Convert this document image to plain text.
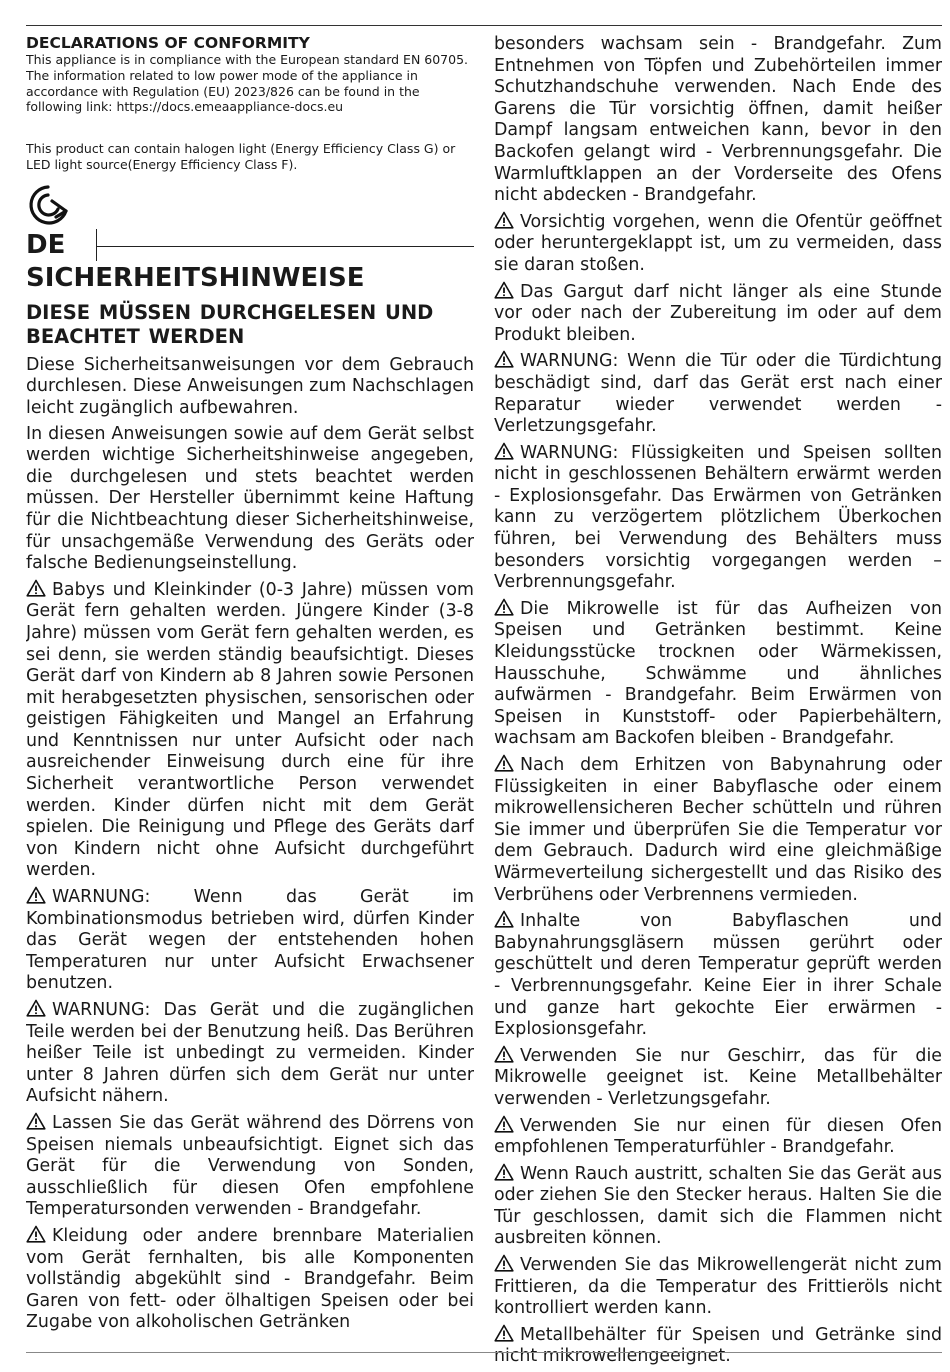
DECLARATIONS OF CONFORMITY

This appliance is in compliance with the European standard EN 60705.

The information related to low power mode of the appliance in accordance with Regulation (EU) 2023/826 can be found in the following link: https://docs.emeaappliance-docs.eu

This product can contain halogen light (Energy Efficiency Class G) or LED light source(Energy Efficiency Class F).

DE

SICHERHEITSHINWEISE

DIESE MÜSSEN DURCHGELESEN UND BEACHTET WERDEN

Diese Sicherheitsanweisungen vor dem Gebrauch durchlesen. Diese Anweisungen zum Nachschlagen leicht zugänglich aufbewahren.

In diesen Anweisungen sowie auf dem Gerät selbst werden wichtige Sicherheitshinweise angegeben, die durchgelesen und stets beachtet werden müssen. Der Hersteller übernimmt keine Haftung für die Nichtbeachtung dieser Sicherheitshinweise, für unsachgemäße Verwendung des Geräts oder falsche Bedienungseinstellung.

Babys und Kleinkinder (0-3 Jahre) müssen vom Gerät fern gehalten werden. Jüngere Kinder (3-8 Jahre) müssen vom Gerät fern gehalten werden, es sei denn, sie werden ständig beaufsichtigt. Dieses Gerät darf von Kindern ab 8 Jahren sowie Personen mit herabgesetzten physischen, sensorischen oder geistigen Fähigkeiten und Mangel an Erfahrung und Kenntnissen nur unter Aufsicht oder nach ausreichender Einweisung durch eine für ihre Sicherheit verantwortliche Person verwendet werden. Kinder dürfen nicht mit dem Gerät spielen. Die Reinigung und Pflege des Geräts darf von Kindern nicht ohne Aufsicht durchgeführt werden.

WARNUNG: Wenn das Gerät im Kombinationsmodus betrieben wird, dürfen Kinder das Gerät wegen der entstehenden hohen Temperaturen nur unter Aufsicht Erwachsener benutzen.

WARNUNG: Das Gerät und die zugänglichen Teile werden bei der Benutzung heiß. Das Berühren heißer Teile ist unbedingt zu vermeiden. Kinder unter 8 Jahren dürfen sich dem Gerät nur unter Aufsicht nähern.

Lassen Sie das Gerät während des Dörrens von Speisen niemals unbeaufsichtigt. Eignet sich das Gerät für die Verwendung von Sonden, ausschließlich für diesen Ofen empfohlene Temperatursonden verwenden - Brandgefahr.

Kleidung oder andere brennbare Materialien vom Gerät fernhalten, bis alle Komponenten vollständig abgekühlt sind - Brandgefahr. Beim Garen von fett- oder ölhaltigen Speisen oder bei Zugabe von alkoholischen Getränken

besonders wachsam sein - Brandgefahr. Zum Entnehmen von Töpfen und Zubehörteilen immer Schutzhandschuhe verwenden. Nach Ende des Garens die Tür vorsichtig öffnen, damit heißer Dampf langsam entweichen kann, bevor in den Backofen gelangt wird - Verbrennungsgefahr. Die Warmluftklappen an der Vorderseite des Ofens nicht abdecken - Brandgefahr.

Vorsichtig vorgehen, wenn die Ofentür geöffnet oder heruntergeklappt ist, um zu vermeiden, dass sie daran stoßen.

Das Gargut darf nicht länger als eine Stunde vor oder nach der Zubereitung im oder auf dem Produkt bleiben.

WARNUNG: Wenn die Tür oder die Türdichtung beschädigt sind, darf das Gerät erst nach einer Reparatur wieder verwendet werden - Verletzungsgefahr.

WARNUNG: Flüssigkeiten und Speisen sollten nicht in geschlossenen Behältern erwärmt werden - Explosionsgefahr. Das Erwärmen von Getränken kann zu verzögertem plötzlichem Überkochen führen, bei Verwendung des Behälters muss besonders vorsichtig vorgegangen werden – Verbrennungsgefahr.

Die Mikrowelle ist für das Aufheizen von Speisen und Getränken bestimmt. Keine Kleidungsstücke trocknen oder Wärmekissen, Hausschuhe, Schwämme und ähnliches aufwärmen - Brandgefahr. Beim Erwärmen von Speisen in Kunststoff- oder Papierbehältern, wachsam am Backofen bleiben - Brandgefahr.

Nach dem Erhitzen von Babynahrung oder Flüssigkeiten in einer Babyflasche oder einem mikrowellensicheren Becher schütteln und rühren Sie immer und überprüfen Sie die Temperatur vor dem Gebrauch. Dadurch wird eine gleichmäßige Wärmeverteilung sichergestellt und das Risiko des Verbrühens oder Verbrennens vermieden.

Inhalte von Babyflaschen und Babynahrungsgläsern müssen gerührt oder geschüttelt und deren Temperatur geprüft werden - Verbrennungsgefahr. Keine Eier in ihrer Schale und ganze hart gekochte Eier erwärmen - Explosionsgefahr.

Verwenden Sie nur Geschirr, das für die Mikrowelle geeignet ist. Keine Metallbehälter verwenden - Verletzungsgefahr.

Verwenden Sie nur einen für diesen Ofen empfohlenen Temperaturfühler - Brandgefahr.

Wenn Rauch austritt, schalten Sie das Gerät aus oder ziehen Sie den Stecker heraus. Halten Sie die Tür geschlossen, damit sich die Flammen nicht ausbreiten können.

Verwenden Sie das Mikrowellengerät nicht zum Frittieren, da die Temperatur des Frittieröls nicht kontrolliert werden kann.

Metallbehälter für Speisen und Getränke sind nicht mikrowellengeeignet.
